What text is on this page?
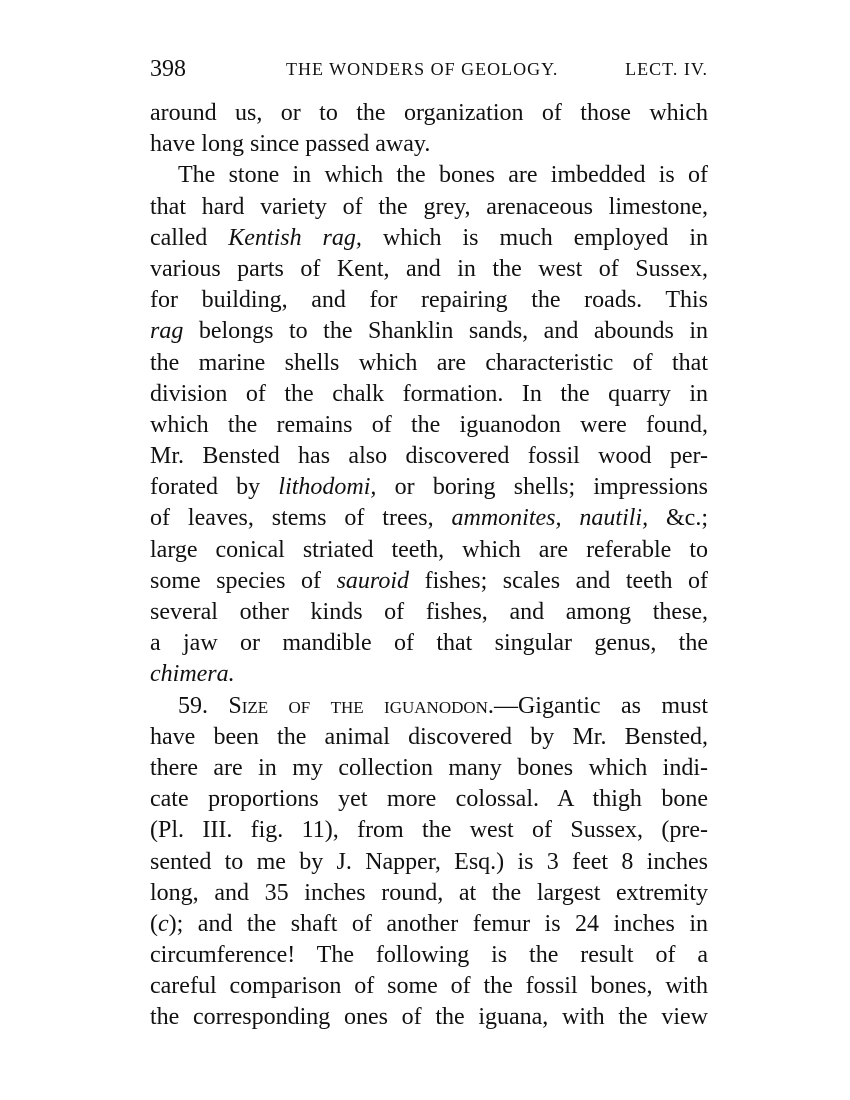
398	THE WONDERS OF GEOLOGY.	LECT. IV.
around us, or to the organization of those which
have long since passed away.
The stone in which the bones are imbedded is of
that hard variety of the grey, arenaceous limestone,
called Kentish rag, which is much employed in
various parts of Kent, and in the west of Sussex,
for building, and for repairing the roads. This
rag belongs to the Shanklin sands, and abounds in
the marine shells which are characteristic of that
division of the chalk formation. In the quarry in
which the remains of the iguanodon were found,
Mr. Bensted has also discovered fossil wood per-
forated by lithodomi, or boring shells; impressions
of leaves, stems of trees, ammonites, nautili, &c.;
large conical striated teeth, which are referable to
some species of sauroid fishes; scales and teeth of
several other kinds of fishes, and among these,
a jaw or mandible of that singular genus, the
chimera.
59. Size of the iguanodon.—Gigantic as must
have been the animal discovered by Mr. Bensted,
there are in my collection many bones which indi-
cate proportions yet more colossal. A thigh bone
(Pl. III. fig. 11), from the west of Sussex, (pre-
sented to me by J. Napper, Esq.) is 3 feet 8 inches
long, and 35 inches round, at the largest extremity
(c); and the shaft of another femur is 24 inches in
circumference! The following is the result of a
careful comparison of some of the fossil bones, with
the corresponding ones of the iguana, with the view
